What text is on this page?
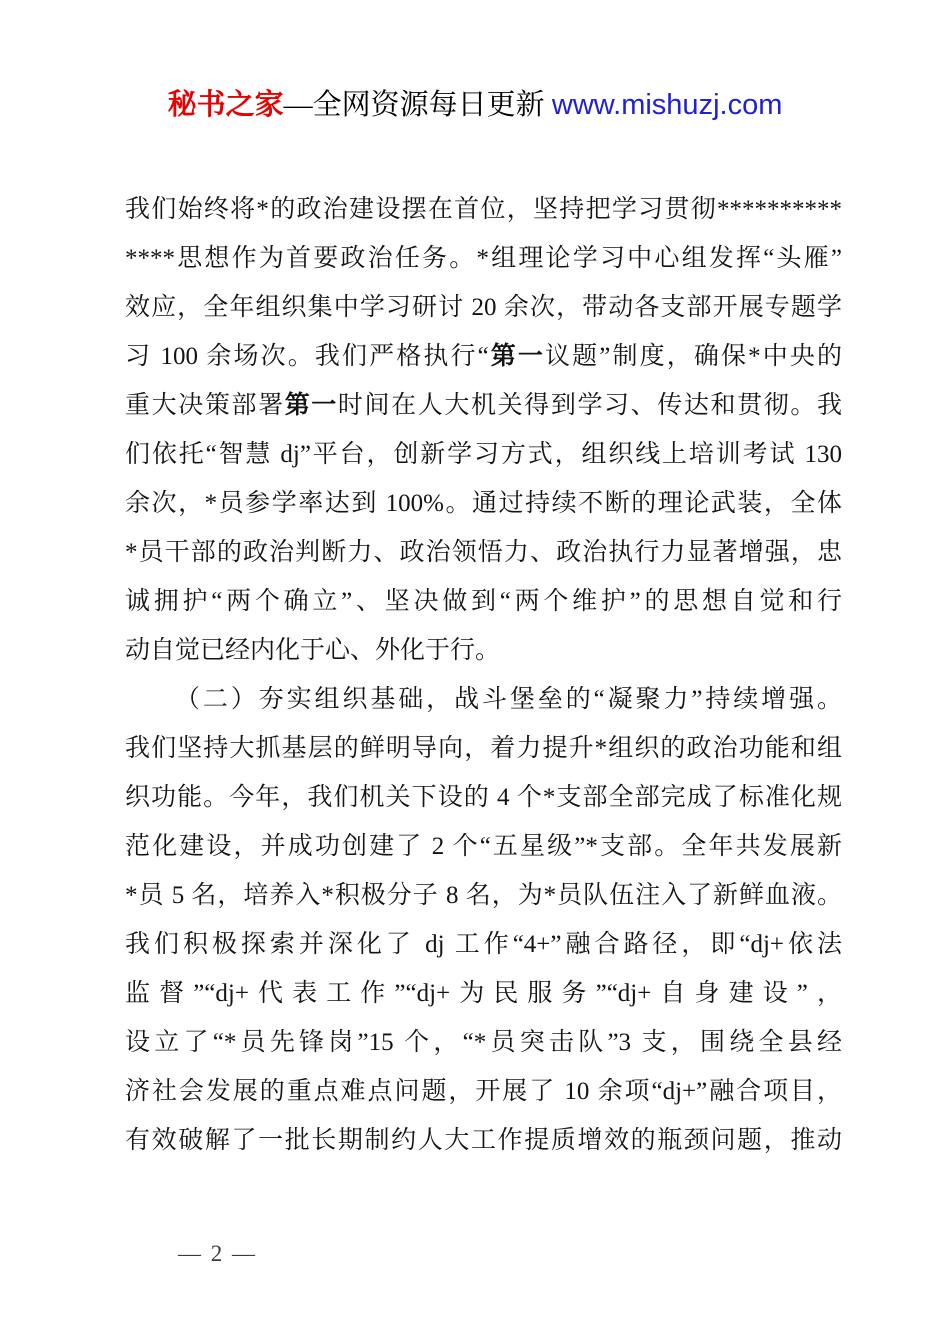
秘书之家—全网资源每日更新 www.mishuzj.com
我们始终将*的政治建设摆在首位，坚持把学习贯彻**********
****思想作为首要政治任务。*组理论学习中心组发挥“头雁”
效应，全年组织集中学习研讨 20 余次，带动各支部开展专题学
习 100 余场次。我们严格执行“第一议题”制度，确保*中央的
重大决策部署第一时间在人大机关得到学习、传达和贯彻。我
们依托“智慧 dj”平台，创新学习方式，组织线上培训考试 130
余次，*员参学率达到 100%。通过持续不断的理论武装，全体
*员干部的政治判断力、政治领悟力、政治执行力显著增强，忠
诚拥护“两个确立”、坚决做到“两个维护”的思想自觉和行
动自觉已经内化于心、外化于行。
（二）夯实组织基础，战斗堡垒的“凝聚力”持续增强。
我们坚持大抓基层的鲜明导向，着力提升*组织的政治功能和组
织功能。今年，我们机关下设的 4 个*支部全部完成了标准化规
范化建设，并成功创建了 2 个“五星级”*支部。全年共发展新
*员 5 名，培养入*积极分子 8 名，为*员队伍注入了新鲜血液。
我们积极探索并深化了 dj 工作“4+”融合路径，即“dj+依法
监督”“dj+代表工作”“dj+为民服务”“dj+自身建设”，
设立了“*员先锋岗”15 个，“*员突击队”3 支，围绕全县经
济社会发展的重点难点问题，开展了 10 余项“dj+”融合项目，
有效破解了一批长期制约人大工作提质增效的瓶颈问题，推动
— 2 —
